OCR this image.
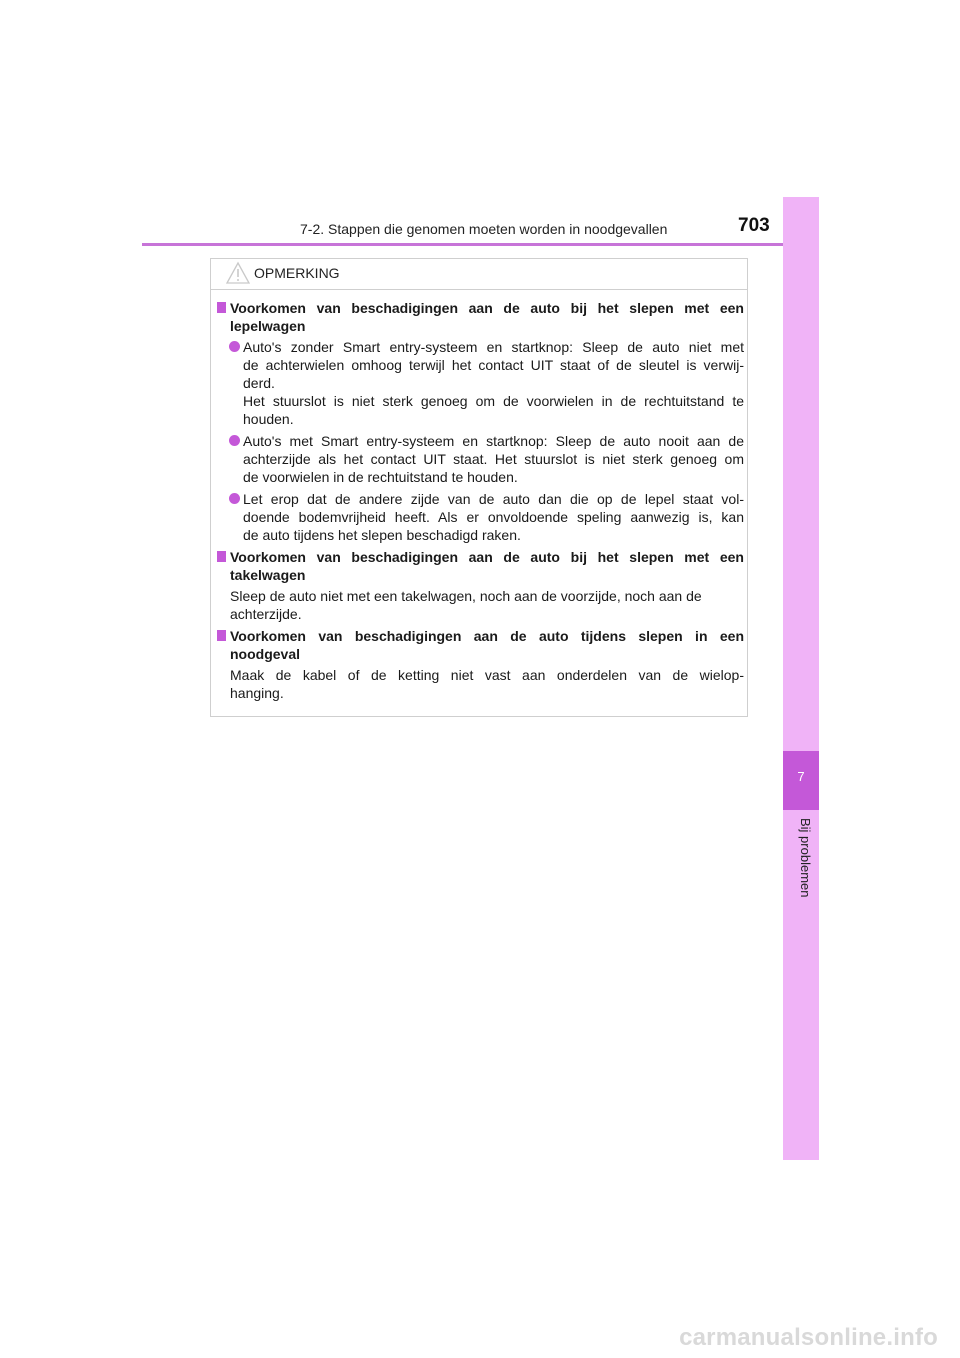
7-2. Stappen die genomen moeten worden in noodgevallen	703
7
Bij problemen
OPMERKING
Voorkomen van beschadigingen aan de auto bij het slepen met een
lepelwagen
Auto's zonder Smart entry-systeem en startknop: Sleep de auto niet met
de achterwielen omhoog terwijl het contact UIT staat of de sleutel is verwij-
derd.
Het stuurslot is niet sterk genoeg om de voorwielen in de rechtuitstand te
houden.
Auto's met Smart entry-systeem en startknop: Sleep de auto nooit aan de
achterzijde als het contact UIT staat. Het stuurslot is niet sterk genoeg om
de voorwielen in de rechtuitstand te houden.
Let erop dat de andere zijde van de auto dan die op de lepel staat vol-
doende bodemvrijheid heeft. Als er onvoldoende speling aanwezig is, kan
de auto tijdens het slepen beschadigd raken.
Voorkomen van beschadigingen aan de auto bij het slepen met een
takelwagen
Sleep de auto niet met een takelwagen, noch aan de voorzijde, noch aan de
achterzijde.
Voorkomen van beschadigingen aan de auto tijdens slepen in een
noodgeval
Maak de kabel of de ketting niet vast aan onderdelen van de wielop-
hanging.
carmanualsonline.info
